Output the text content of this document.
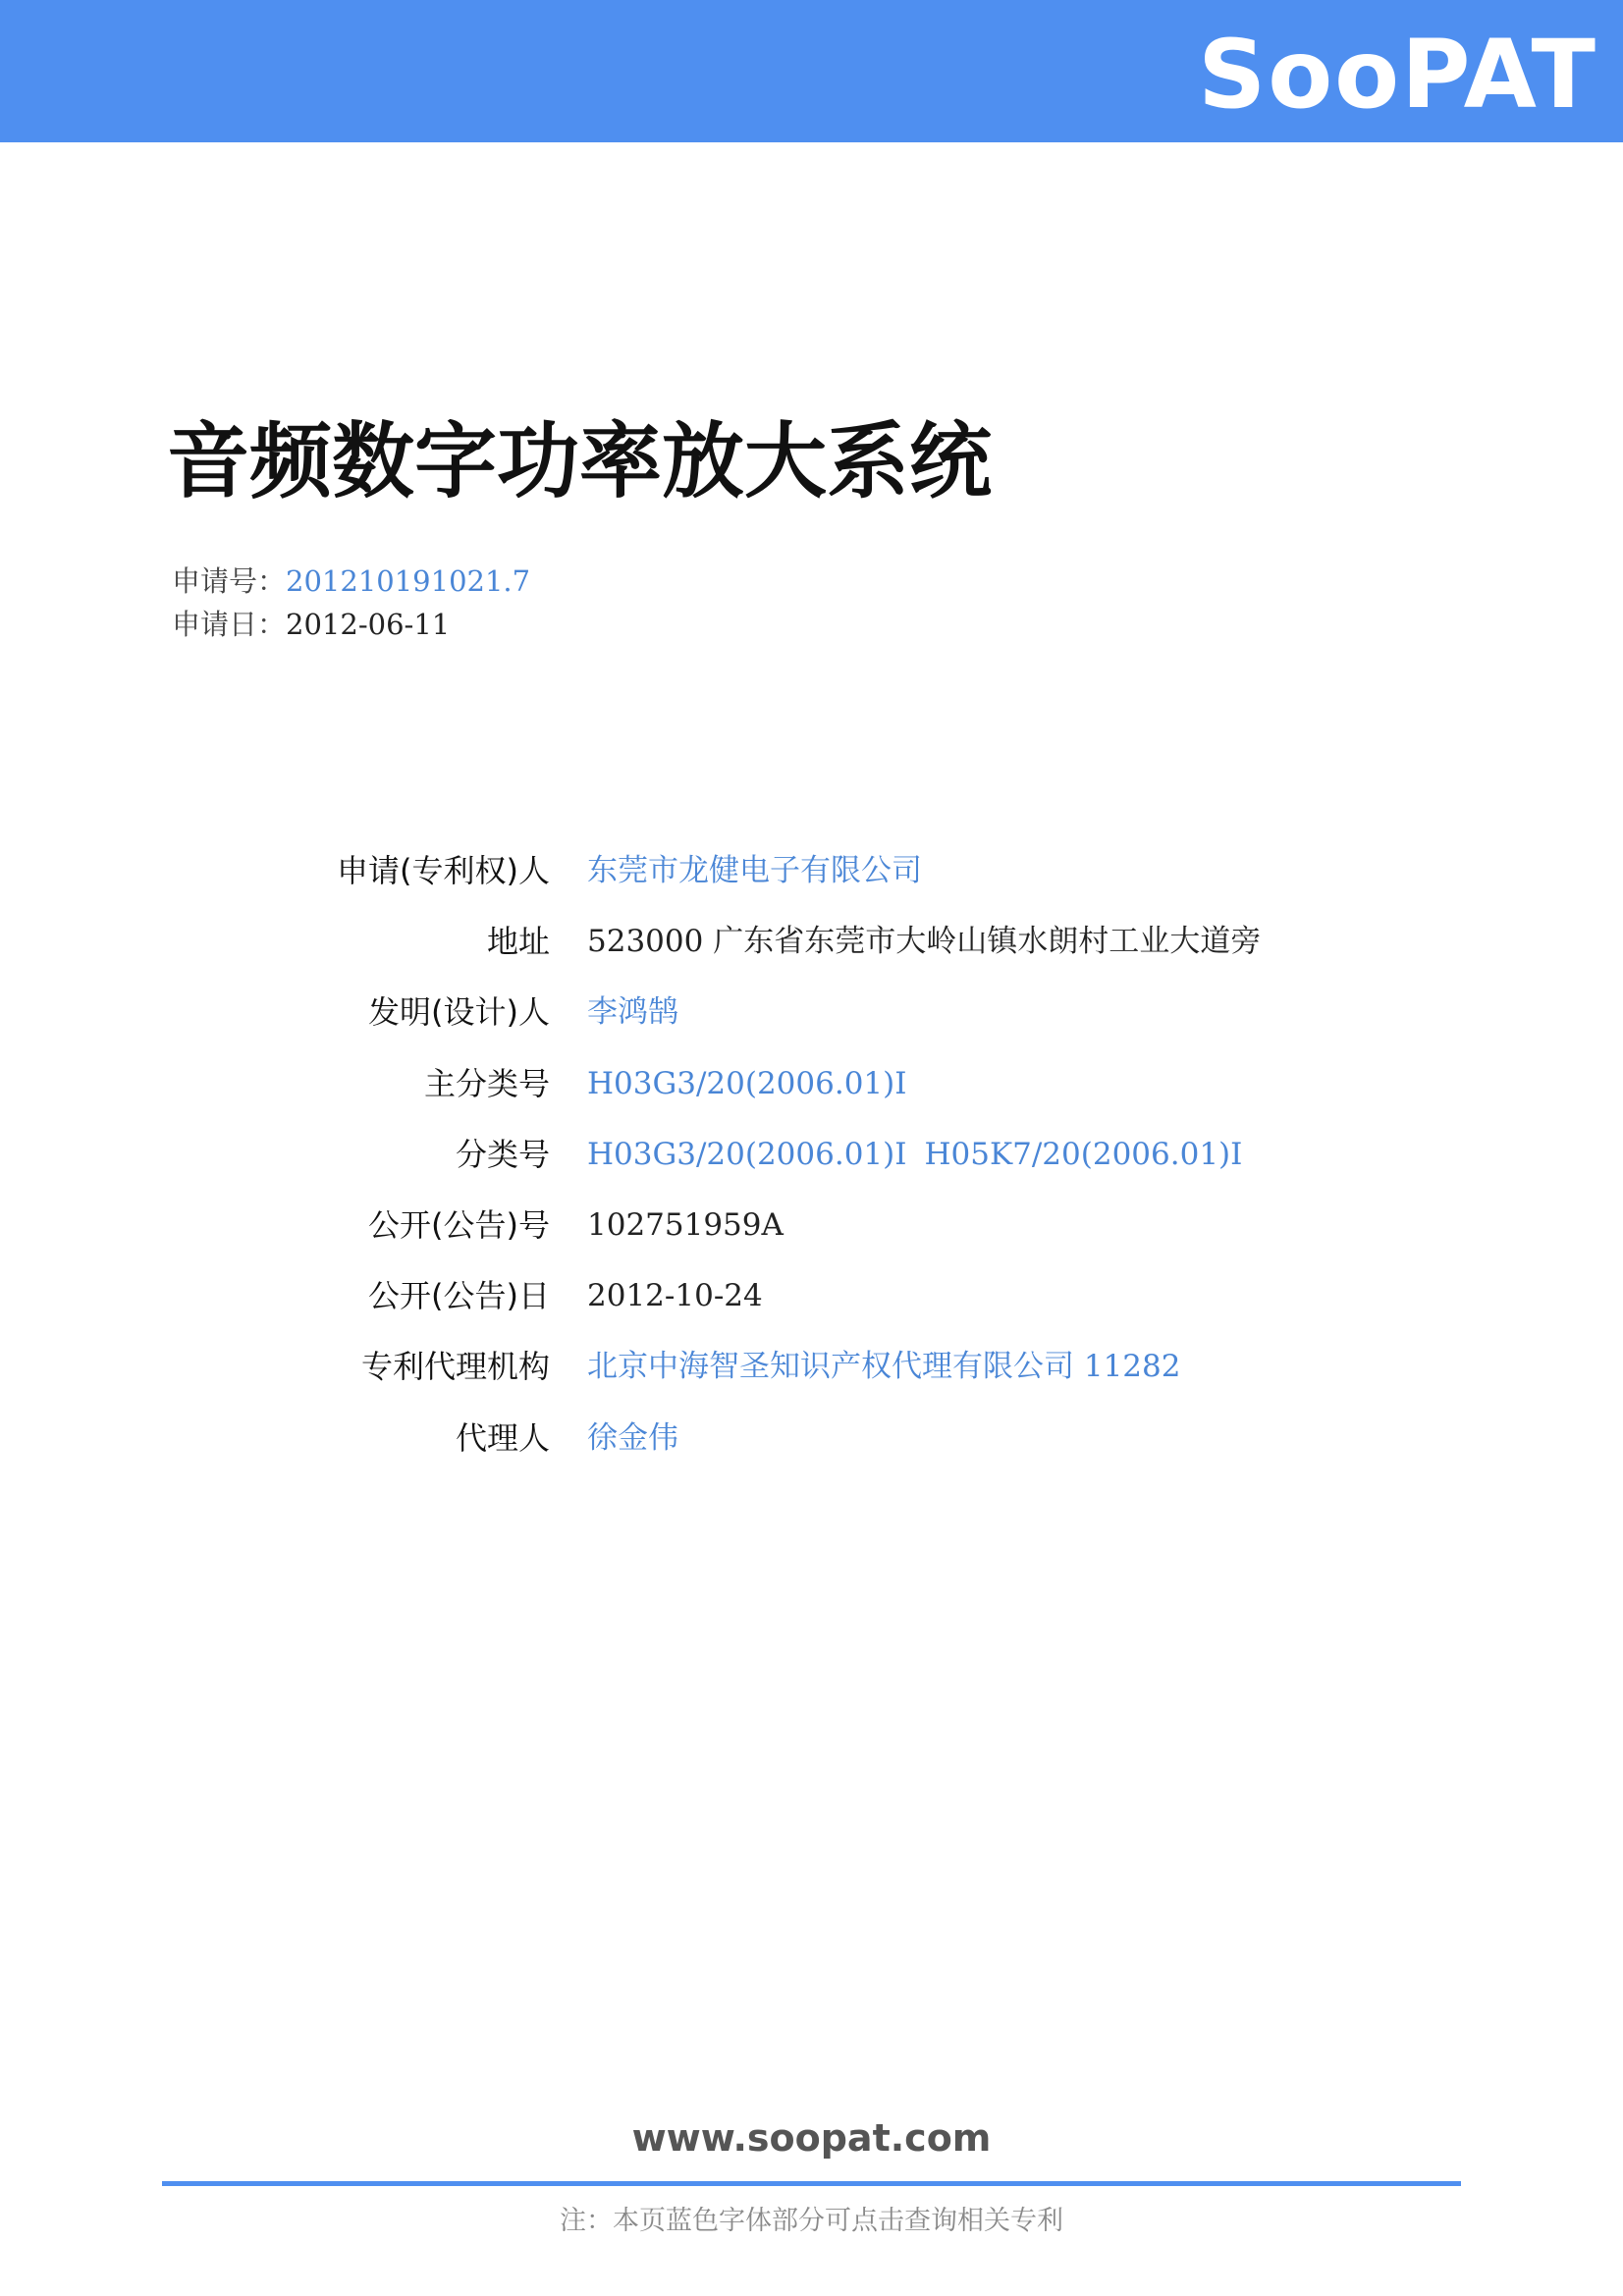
SooPAT
音频数字功率放大系统
申请号：201210191021.7
申请日：2012-06-11
申请(专利权)人 东莞市龙健电子有限公司
地址 523000 广东省东莞市大岭山镇水朗村工业大道旁
发明(设计)人 李鸿鹄
主分类号 H03G3/20(2006.01)I
分类号 H03G3/20(2006.01)I H05K7/20(2006.01)I
公开(公告)号 102751959A
公开(公告)日 2012-10-24
专利代理机构 北京中海智圣知识产权代理有限公司 11282
代理人 徐金伟
www.soopat.com
注：本页蓝色字体部分可点击查询相关专利
